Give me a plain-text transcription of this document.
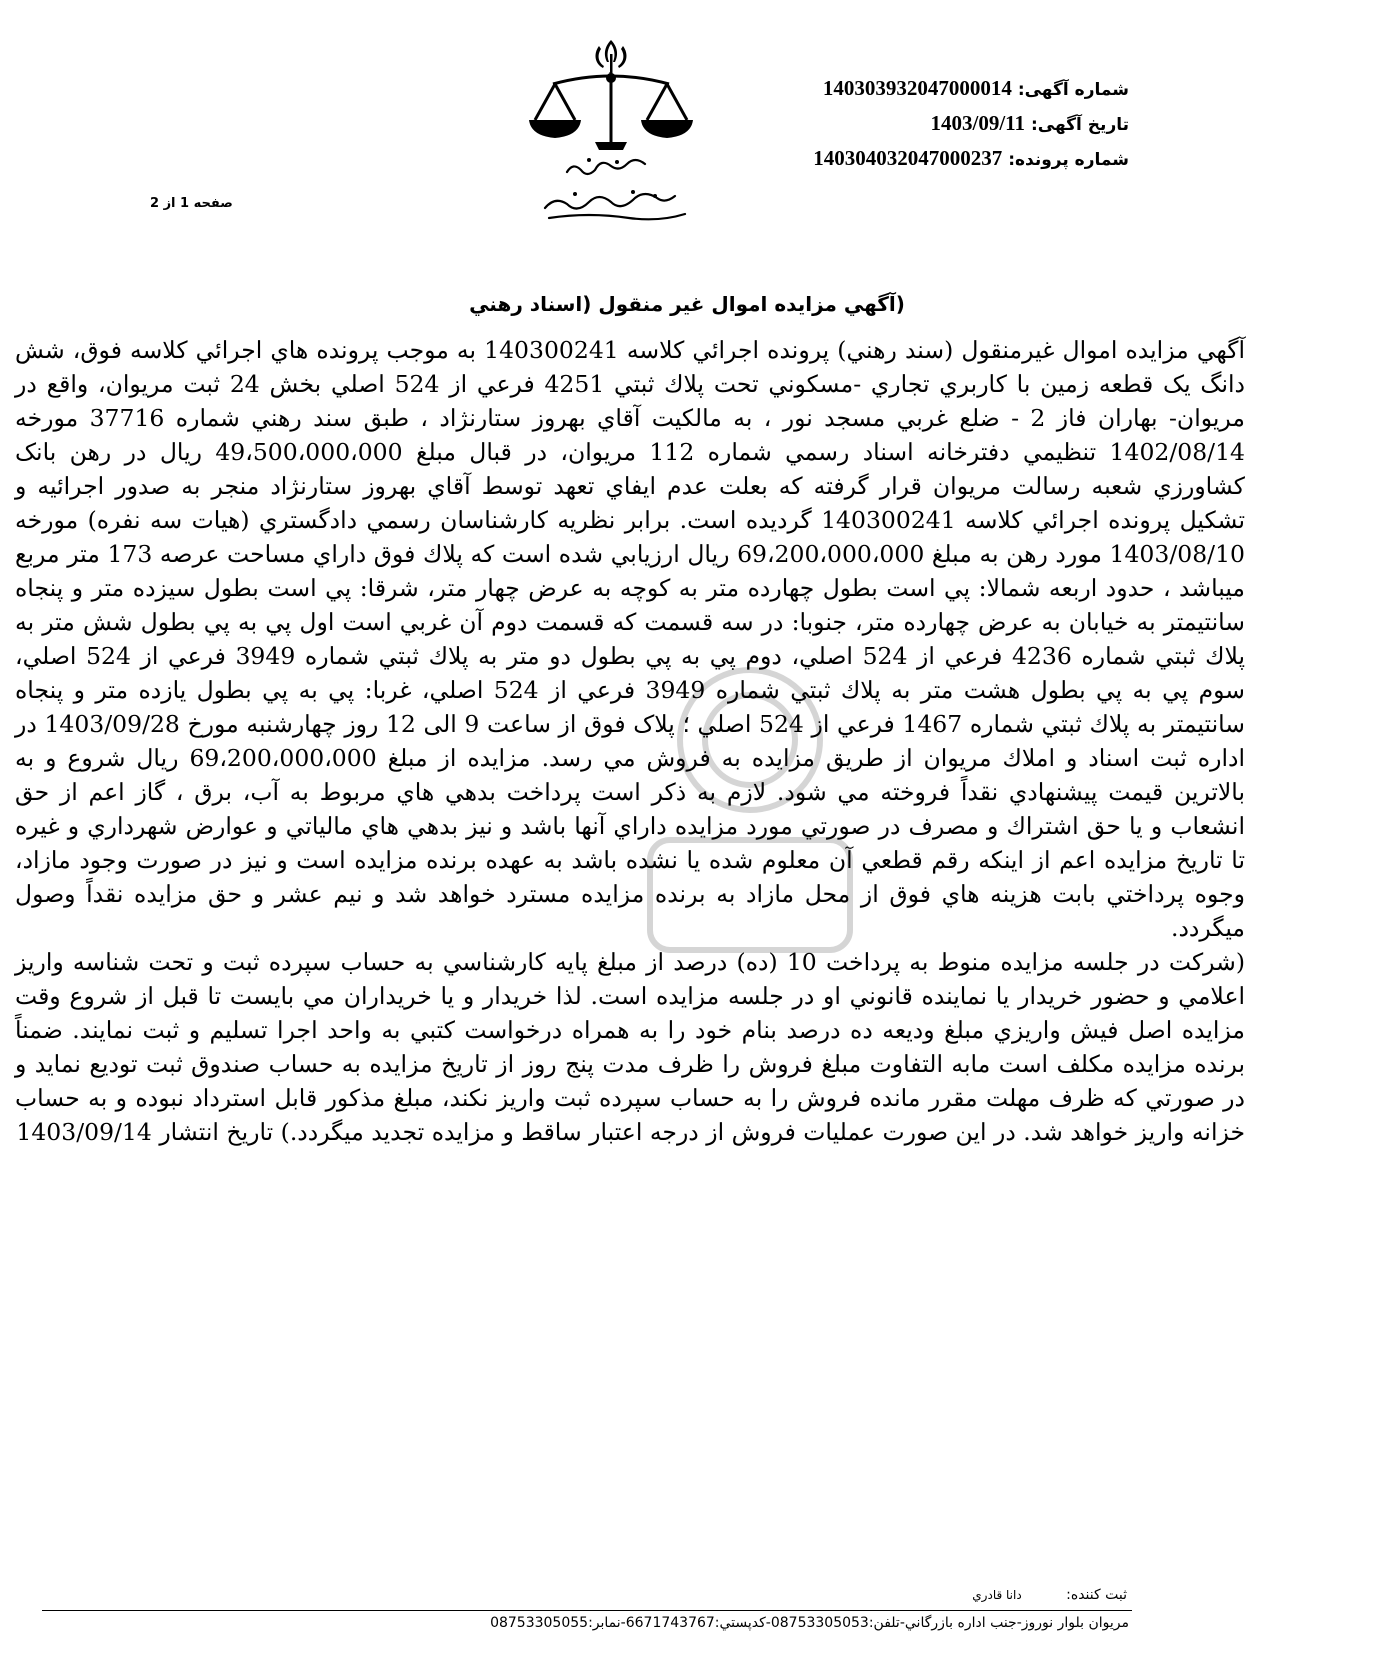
شماره آگهی: 140303932047000014
تاریخ آگهی: 1403/09/11
شماره پرونده: 140304032047000237
صفحه 1 از 2
(آگهي مزايده اموال غير منقول (اسناد رهني

آگهي مزايده اموال غيرمنقول (سند رهني) پرونده اجرائي كلاسه 140300241 به موجب پرونده هاي اجرائي كلاسه فوق، شش دانگ يک قطعه زمين با كاربري تجاري -مسكوني تحت پلاك ثبتي 4251 فرعي از 524 اصلي بخش 24 ثبت مريوان، واقع در مريوان- بهاران فاز 2 - ضلع غربي مسجد نور ، به مالكيت آقاي بهروز ستارنژاد ، طبق سند رهني شماره 37716 مورخه 1402/08/14 تنظيمي دفترخانه اسناد رسمي شماره 112 مريوان، در قبال مبلغ 49،500،000،000 ريال در رهن بانک كشاورزي شعبه رسالت مريوان قرار گرفته كه بعلت عدم ايفاي تعهد توسط آقاي بهروز ستارنژاد منجر به صدور اجرائيه و تشكيل پرونده اجرائي كلاسه 140300241 گرديده است. برابر نظريه كارشناسان رسمي دادگستري (هيات سه نفره) مورخه 1403/08/10 مورد رهن به مبلغ 69،200،000،000 ريال ارزيابي شده است كه پلاك فوق داراي مساحت عرصه 173 متر مربع ميباشد ، حدود اربعه شمالا: پي است بطول چهارده متر به كوچه به عرض چهار متر، شرقا: پي است بطول سيزده متر و پنجاه سانتيمتر به خيابان به عرض چهارده متر، جنوبا: در سه قسمت كه قسمت دوم آن غربي است اول پي به پي بطول شش متر به پلاك ثبتي شماره 4236 فرعي از 524 اصلي، دوم پي به پي بطول دو متر به پلاك ثبتي شماره 3949 فرعي از 524 اصلي، سوم پي به پي بطول هشت متر به پلاك ثبتي شماره 3949 فرعي از 524 اصلي، غربا: پي به پي بطول يازده متر و پنجاه سانتيمتر به پلاك ثبتي شماره 1467 فرعي از 524 اصلي ؛ پلاک فوق از ساعت 9 الی 12 روز چهارشنبه مورخ 1403/09/28 در اداره ثبت اسناد و املاك مريوان از طريق مزايده به فروش مي رسد. مزايده از مبلغ 69،200،000،000 ريال شروع و به بالاترين قيمت پيشنهادي نقداً فروخته مي شود. لازم به ذكر است پرداخت بدهي هاي مربوط به آب، برق ، گاز اعم از حق انشعاب و يا حق اشتراك و مصرف در صورتي مورد مزايده داراي آنها باشد و نيز بدهي هاي مالياتي و عوارض شهرداري و غيره تا تاريخ مزايده اعم از اينكه رقم قطعي آن معلوم شده يا نشده باشد به عهده برنده مزايده است و نيز در صورت وجود مازاد، وجوه پرداختي بابت هزينه هاي فوق از محل مازاد به برنده مزايده مسترد خواهد شد و نيم عشر و حق مزايده نقداً وصول ميگردد.

(شركت در جلسه مزايده منوط به پرداخت 10 (ده) درصد از مبلغ پايه كارشناسي به حساب سپرده ثبت و تحت شناسه واريز اعلامي و حضور خريدار يا نماينده قانوني او در جلسه مزايده است. لذا خريدار و يا خريداران مي بايست تا قبل از شروع وقت مزايده اصل فيش واريزي مبلغ وديعه ده درصد بنام خود را به همراه درخواست كتبي به واحد اجرا تسليم و ثبت نمايند. ضمناً برنده مزايده مكلف است مابه التفاوت مبلغ فروش را ظرف مدت پنج روز از تاريخ مزايده به حساب صندوق ثبت توديع نمايد و در صورتي كه ظرف مهلت مقرر مانده فروش را به حساب سپرده ثبت واريز نكند، مبلغ مذكور قابل استرداد نبوده و به حساب خزانه واريز خواهد شد. در اين صورت عمليات فروش از درجه اعتبار ساقط و مزايده تجديد ميگردد.) تاريخ انتشار 1403/09/14

ثبت كننده: دانا قادري
مريوان بلوار نوروز-جنب اداره بازرگاني-تلفن:08753305053-كدپستي:6671743767-نمابر:08753305055
